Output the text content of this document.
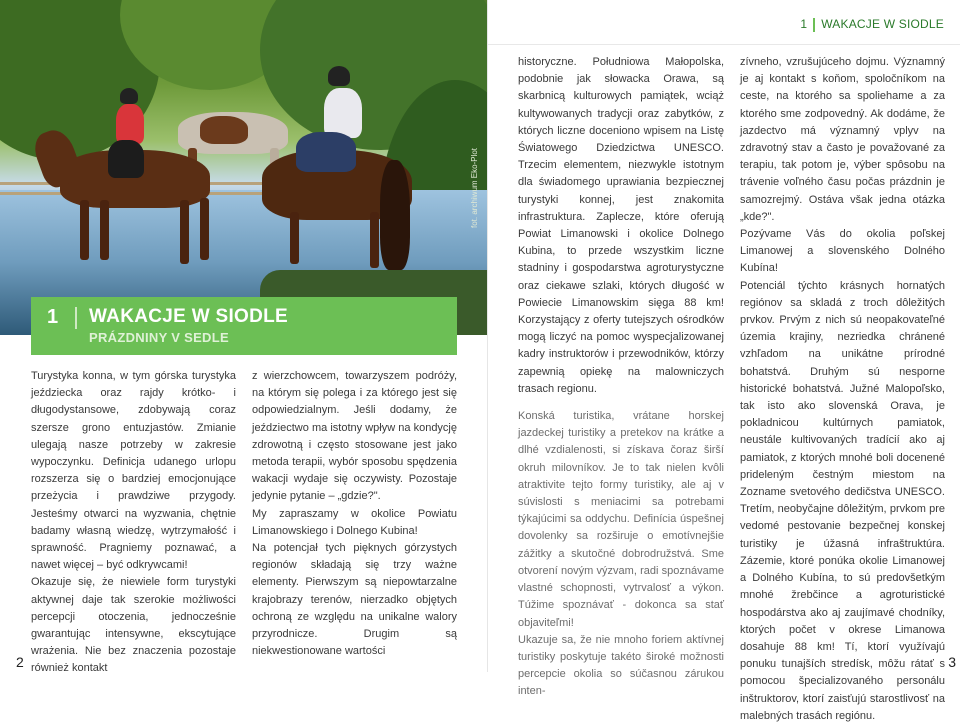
fot. archiwum Eko-Plot
1 WAKACJE W SIODLE
PRÁZDNINY V SEDLE

Turystyka konna, w tym górska turystyka jeździecka oraz rajdy krótko- i długodystansowe, zdobywają coraz szersze grono entuzjastów. Zmianie ulegają nasze potrzeby w zakresie wypoczynku. Definicja udanego urlopu rozszerza się o bardziej emocjonujące przeżycia i prawdziwe przygody. Jesteśmy otwarci na wyzwania, chętnie badamy własną wiedzę, wytrzymałość i sprawność. Pragniemy poznawać, a nawet więcej – być odkrywcami!

Okazuje się, że niewiele form turystyki aktywnej daje tak szerokie możliwości percepcji otoczenia, jednocześnie gwarantując intensywne, ekscytujące wrażenia. Nie bez znaczenia pozostaje również kontakt

z wierzchowcem, towarzyszem podróży, na którym się polega i za którego jest się odpowiedzialnym. Jeśli dodamy, że jeździectwo ma istotny wpływ na kondycję zdrowotną i często stosowane jest jako metoda terapii, wybór sposobu spędzenia wakacji wydaje się oczywisty. Pozostaje jedynie pytanie – „gdzie?".

My zapraszamy w okolice Powiatu Limanowskiego i Dolnego Kubina!

Na potencjał tych pięknych górzystych regionów składają się trzy ważne elementy. Pierwszym są niepowtarzalne krajobrazy terenów, nierzadko objętych ochroną ze względu na unikalne walory przyrodnicze. Drugim są niekwestionowane wartości

2
1 WAKACJE W SIODLE

historyczne. Południowa Małopolska, podobnie jak słowacka Orawa, są skarbnicą kulturowych pamiątek, wciąż kultywowanych tradycji oraz zabytków, z których liczne doceniono wpisem na Listę Światowego Dziedzictwa UNESCO. Trzecim elementem, niezwykle istotnym dla świadomego uprawiania bezpiecznej turystyki konnej, jest znakomita infrastruktura. Zaplecze, które oferują Powiat Limanowski i okolice Dolnego Kubina, to przede wszystkim liczne stadniny i gospodarstwa agroturystyczne oraz ciekawe szlaki, których długość w Powiecie Limanowskim sięga 88 km! Korzystający z oferty tutejszych ośrodków mogą liczyć na pomoc wyspecjalizowanej kadry instruktorów i przewodników, którzy zapewnią opiekę na malowniczych trasach regionu.

Konská turistika, vrátane horskej jazdeckej turistiky a pretekov na krátke a dlhé vzdialenosti, si získava čoraz širší okruh milovníkov. Je to tak nielen kvôli atraktivite tejto formy turistiky, ale aj v súvislosti s meniacimi sa potrebami týkajúcimi sa oddychu. Definícia úspešnej dovolenky sa rozširuje o emotívnejšie zážitky a skutočné dobrodružstvá. Sme otvorení novým výzvam, radi spoznávame vlastné schopnosti, vytrvalosť a výkon. Túžime spoznávať - dokonca sa stať objaviteľmi!

Ukazuje sa, že nie mnoho foriem aktívnej turistiky poskytuje takéto široké možnosti percepcie okolia so súčasnou zárukou inten-

zívneho, vzrušujúceho dojmu. Významný je aj kontakt s koňom, spoločníkom na ceste, na ktorého sa spoliehame a za ktorého sme zodpovedný. Ak dodáme, že jazdectvo má významný vplyv na zdravotný stav a často je považované za terapiu, tak potom je, výber spôsobu na trávenie voľného času počas prázdnin je samozrejmý. Ostáva však jedna otázka „kde?".

Pozývame Vás do okolia poľskej Limanowej a slovenského Dolného Kubína!

Potenciál týchto krásnych hornatých regiónov sa skladá z troch dôležitých prvkov. Prvým z nich sú neopakovateľné územia krajiny, nezriedka chránené vzhľadom na unikátne prírodné bohatstvá. Druhým sú nesporne historické bohatstvá. Južné Malopoľsko, tak isto ako slovenská Orava, je pokladnicou kultúrnych pamiatok, neustále kultivovaných tradícií ako aj pamiatok, z ktorých mnohé boli docenené prideleným čestným miestom na Zozname svetového dedičstva UNESCO. Tretím, neobyčajne dôležitým, prvkom pre vedomé pestovanie bezpečnej konskej turistiky je úžasná infraštruktúra. Zázemie, ktoré ponúka okolie Limanowej a Dolného Kubína, to sú predovšetkým mnohé žrebčince a agroturistické hospodárstva ako aj zaujímavé chodníky, ktorých počet v okrese Limanowa dosahuje 88 km! Tí, ktorí využívajú ponuku tunajších stredísk, môžu rátať s pomocou špecializovaného personálu inštruktorov, ktorí zaisťujú starostlivosť na malebných trasách regiónu.

3
